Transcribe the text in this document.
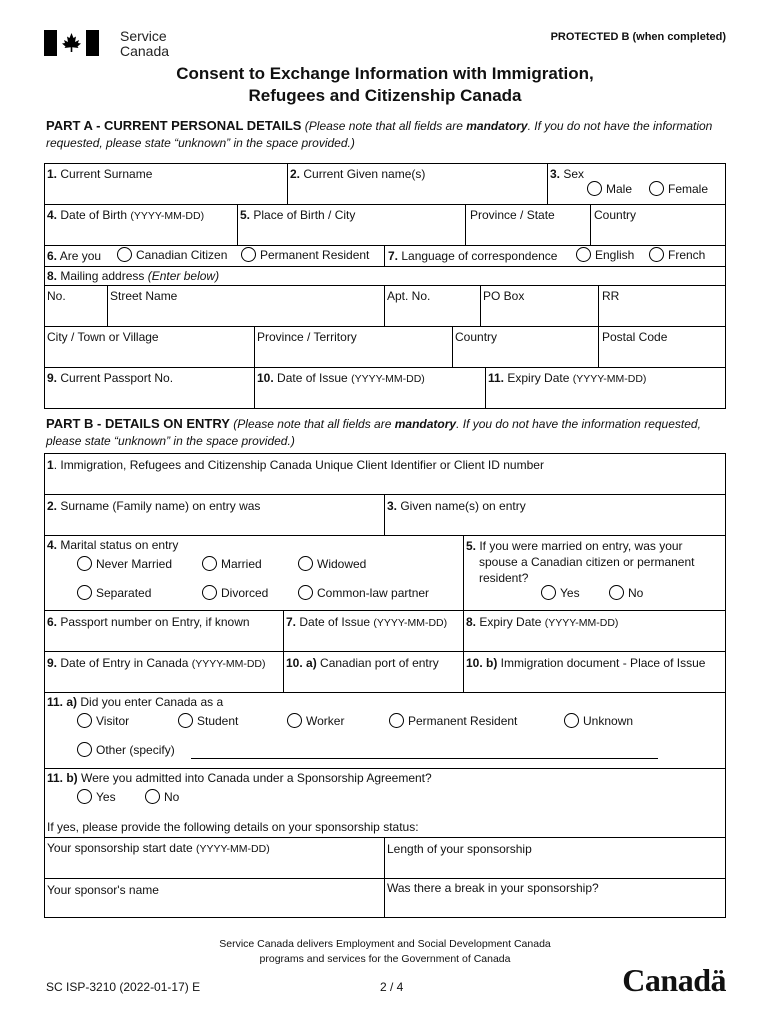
Service
Canada
PROTECTED B (when completed)
Consent to Exchange Information with Immigration,
Refugees and Citizenship Canada
PART A - CURRENT PERSONAL DETAILS (Please note that all fields are mandatory. If you do not have the information requested, please state “unknown” in the space provided.)
1. Current Surname	2. Current Given name(s)	3. Sex
Male	Female
4. Date of Birth (YYYY-MM-DD)	5. Place of Birth / City	Province / State	Country
6. Are you	Canadian Citizen	Permanent Resident 7. Language of correspondence	English	French
8. Mailing address (Enter below)
No.	Street Name	Apt. No.	PO Box	RR
City / Town or Village	Province / Territory	Country	Postal Code
9. Current Passport No.	10. Date of Issue (YYYY-MM-DD)	11. Expiry Date (YYYY-MM-DD)
PART B - DETAILS ON ENTRY (Please note that all fields are mandatory. If you do not have the information requested, please state “unknown” in the space provided.)
1. Immigration, Refugees and Citizenship Canada Unique Client Identifier or Client ID number
2. Surname (Family name) on entry was	3. Given name(s) on entry
4. Marital status on entry
Never Married	Married	Widowed
Separated	Divorced	Common-law partner
5. If you were married on entry, was your
spouse a Canadian citizen or permanent
resident?
Yes	No
6. Passport number on Entry, if known	7. Date of Issue (YYYY-MM-DD) 8. Expiry Date (YYYY-MM-DD)
9. Date of Entry in Canada (YYYY-MM-DD) 10. a) Canadian port of entry 10. b) Immigration document - Place of Issue
11. a) Did you enter Canada as a
Visitor	Student	Worker	Permanent Resident	Unknown
Other (specify)
11. b) Were you admitted into Canada under a Sponsorship Agreement?
Yes	No
If yes, please provide the following details on your sponsorship status:
Your sponsorship start date (YYYY-MM-DD)	Length of your sponsorship
Your sponsor's name	Was there a break in your sponsorship?
Service Canada delivers Employment and Social Development Canada
programs and services for the Government of Canada
SC ISP-3210 (2022-01-17) E	2 / 4	Canadä
